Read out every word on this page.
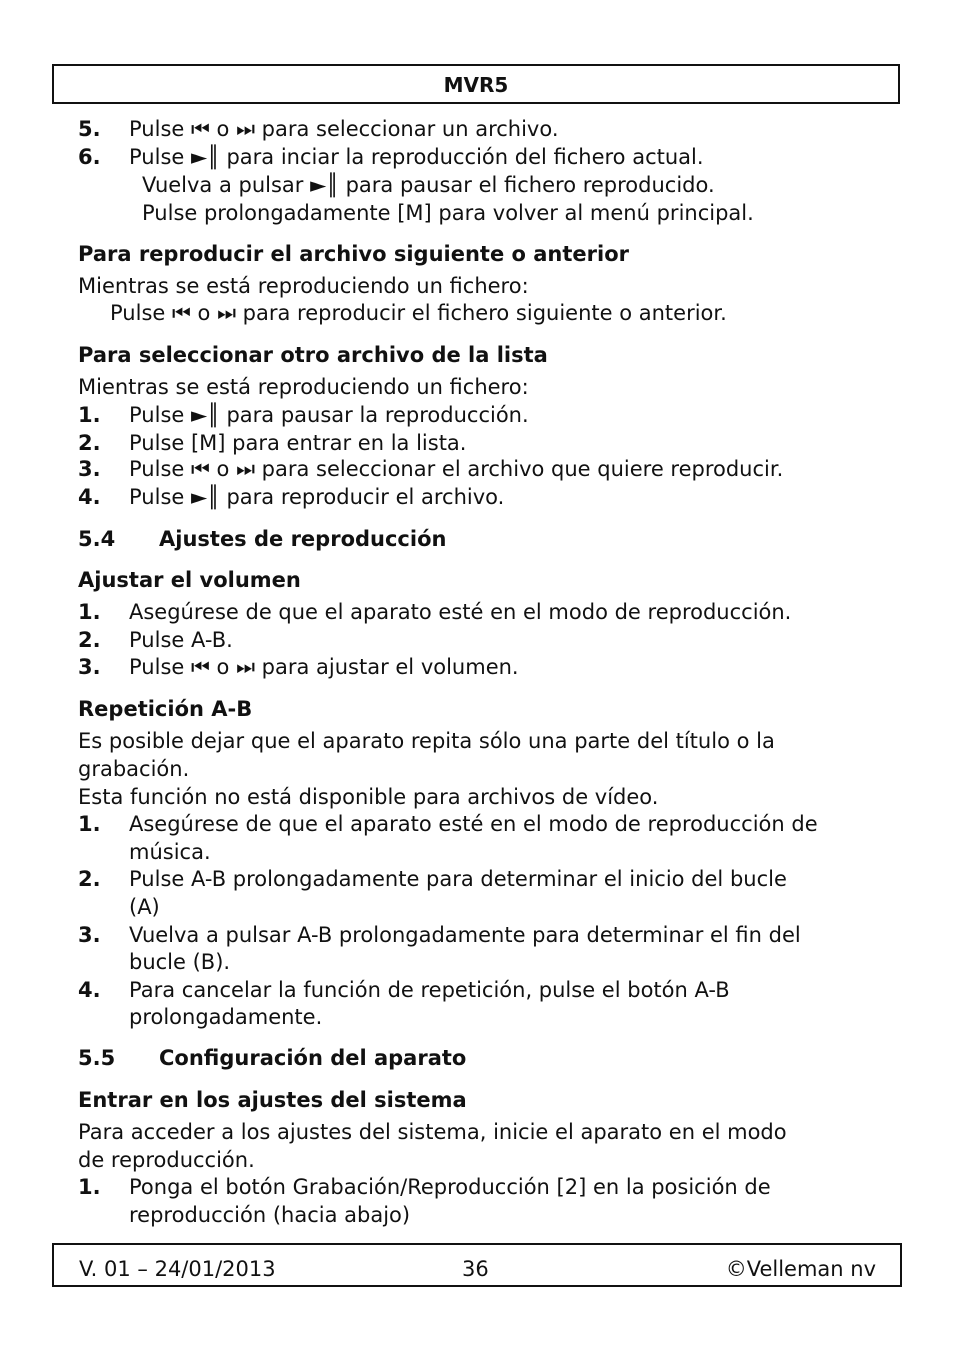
MVR5
5. Pulse ⏮ o ⏭ para seleccionar un archivo.
6. Pulse ►║ para inciar la reproducción del fichero actual.
Vuelva a pulsar ►║ para pausar el fichero reproducido.
Pulse prolongadamente [M] para volver al menú principal.
Para reproducir el archivo siguiente o anterior
Mientras se está reproduciendo un fichero:
Pulse ⏮ o ⏭ para reproducir el fichero siguiente o anterior.
Para seleccionar otro archivo de la lista
Mientras se está reproduciendo un fichero:
1. Pulse ►║ para pausar la reproducción.
2. Pulse [M] para entrar en la lista.
3. Pulse ⏮ o ⏭ para seleccionar el archivo que quiere reproducir.
4. Pulse ►║ para reproducir el archivo.
5.4 Ajustes de reproducción
Ajustar el volumen
1. Asegúrese de que el aparato esté en el modo de reproducción.
2. Pulse A-B.
3. Pulse ⏮ o ⏭ para ajustar el volumen.
Repetición A-B
Es posible dejar que el aparato repita sólo una parte del título o la
grabación.
Esta función no está disponible para archivos de vídeo.
1. Asegúrese de que el aparato esté en el modo de reproducción de
música.
2. Pulse A-B prolongadamente para determinar el inicio del bucle
(A)
3. Vuelva a pulsar A-B prolongadamente para determinar el fin del
bucle (B).
4. Para cancelar la función de repetición, pulse el botón A-B
prolongadamente.
5.5 Configuración del aparato
Entrar en los ajustes del sistema
Para acceder a los ajustes del sistema, inicie el aparato en el modo
de reproducción.
1. Ponga el botón Grabación/Reproducción [2] en la posición de
reproducción (hacia abajo)
V. 01 – 24/01/2013	36	©Velleman nv
